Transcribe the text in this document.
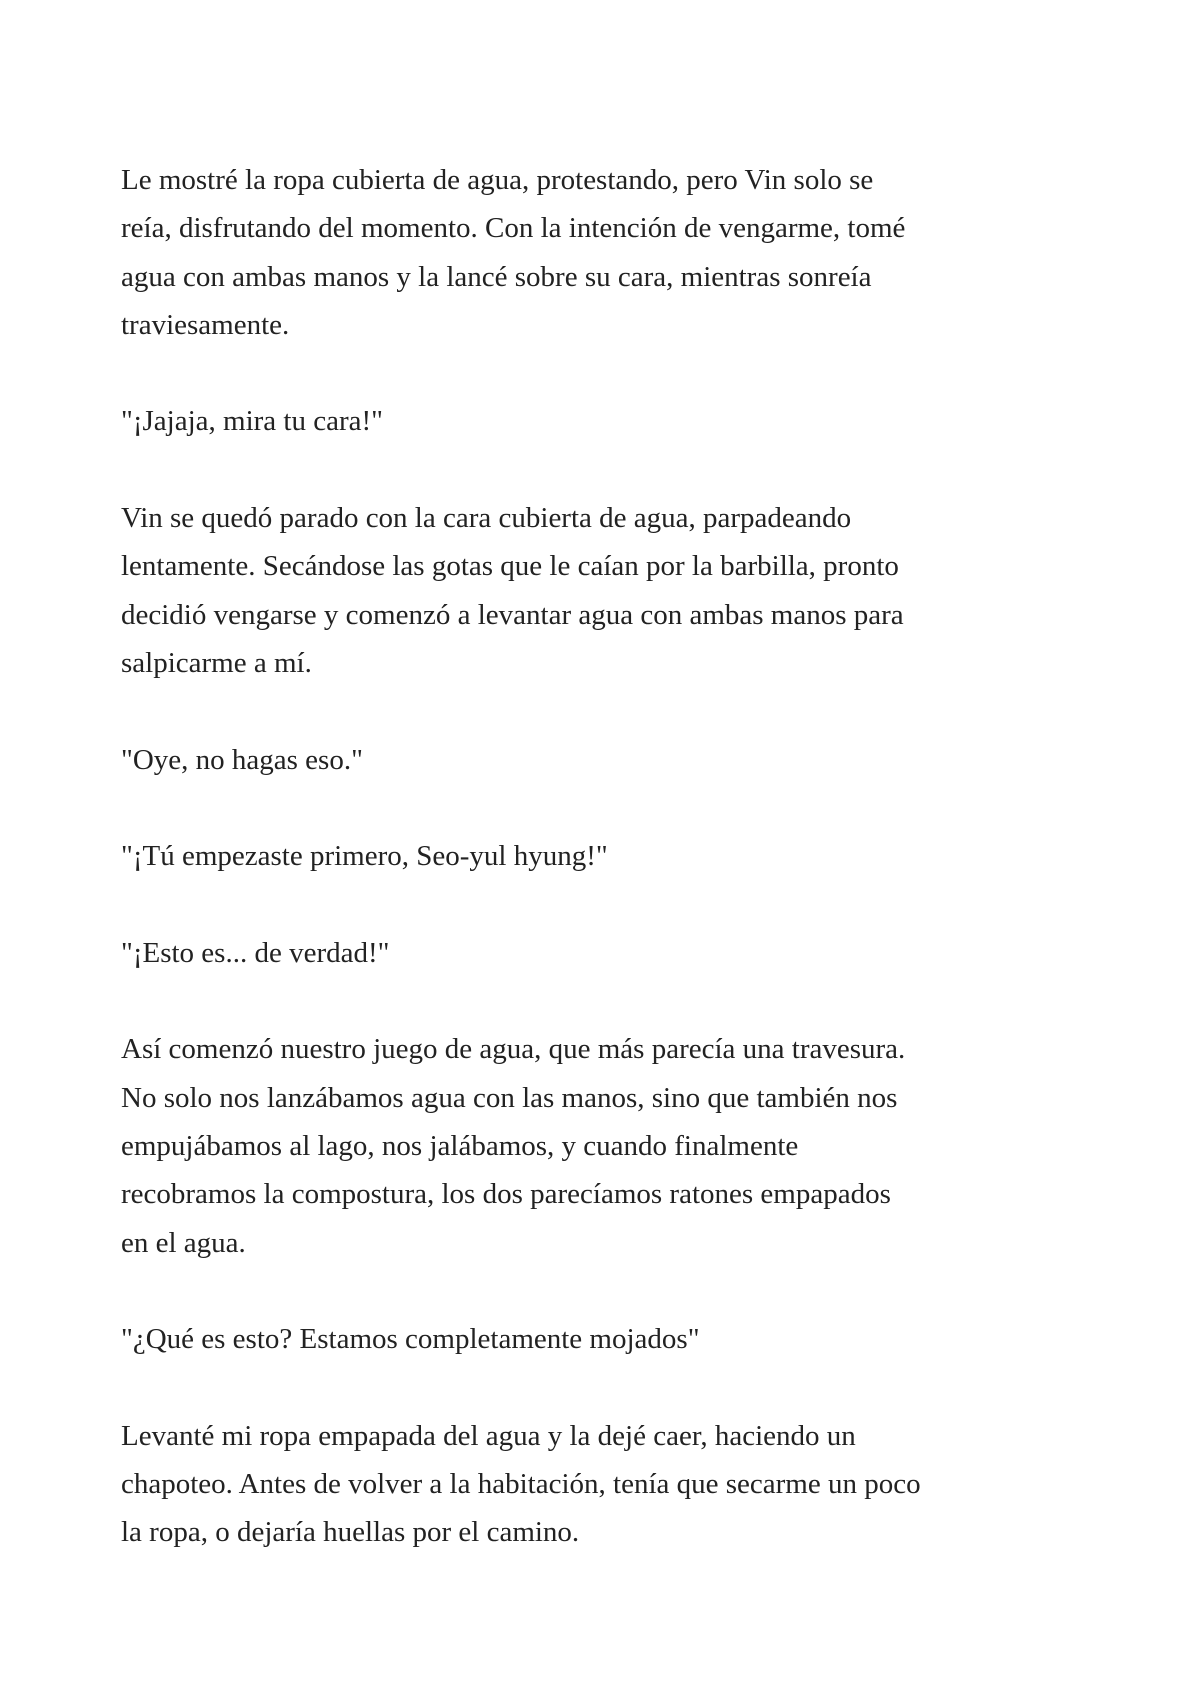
Le mostré la ropa cubierta de agua, protestando, pero Vin solo se
reía, disfrutando del momento. Con la intención de vengarme, tomé
agua con ambas manos y la lancé sobre su cara, mientras sonreía
traviesamente.

"¡Jajaja, mira tu cara!"

Vin se quedó parado con la cara cubierta de agua, parpadeando
lentamente. Secándose las gotas que le caían por la barbilla, pronto
decidió vengarse y comenzó a levantar agua con ambas manos para
salpicarme a mí.

"Oye, no hagas eso."

"¡Tú empezaste primero, Seo-yul hyung!"

"¡Esto es... de verdad!"

Así comenzó nuestro juego de agua, que más parecía una travesura.
No solo nos lanzábamos agua con las manos, sino que también nos
empujábamos al lago, nos jalábamos, y cuando finalmente
recobramos la compostura, los dos parecíamos ratones empapados
en el agua.

"¿Qué es esto? Estamos completamente mojados"

Levanté mi ropa empapada del agua y la dejé caer, haciendo un
chapoteo. Antes de volver a la habitación, tenía que secarme un poco
la ropa, o dejaría huellas por el camino.
